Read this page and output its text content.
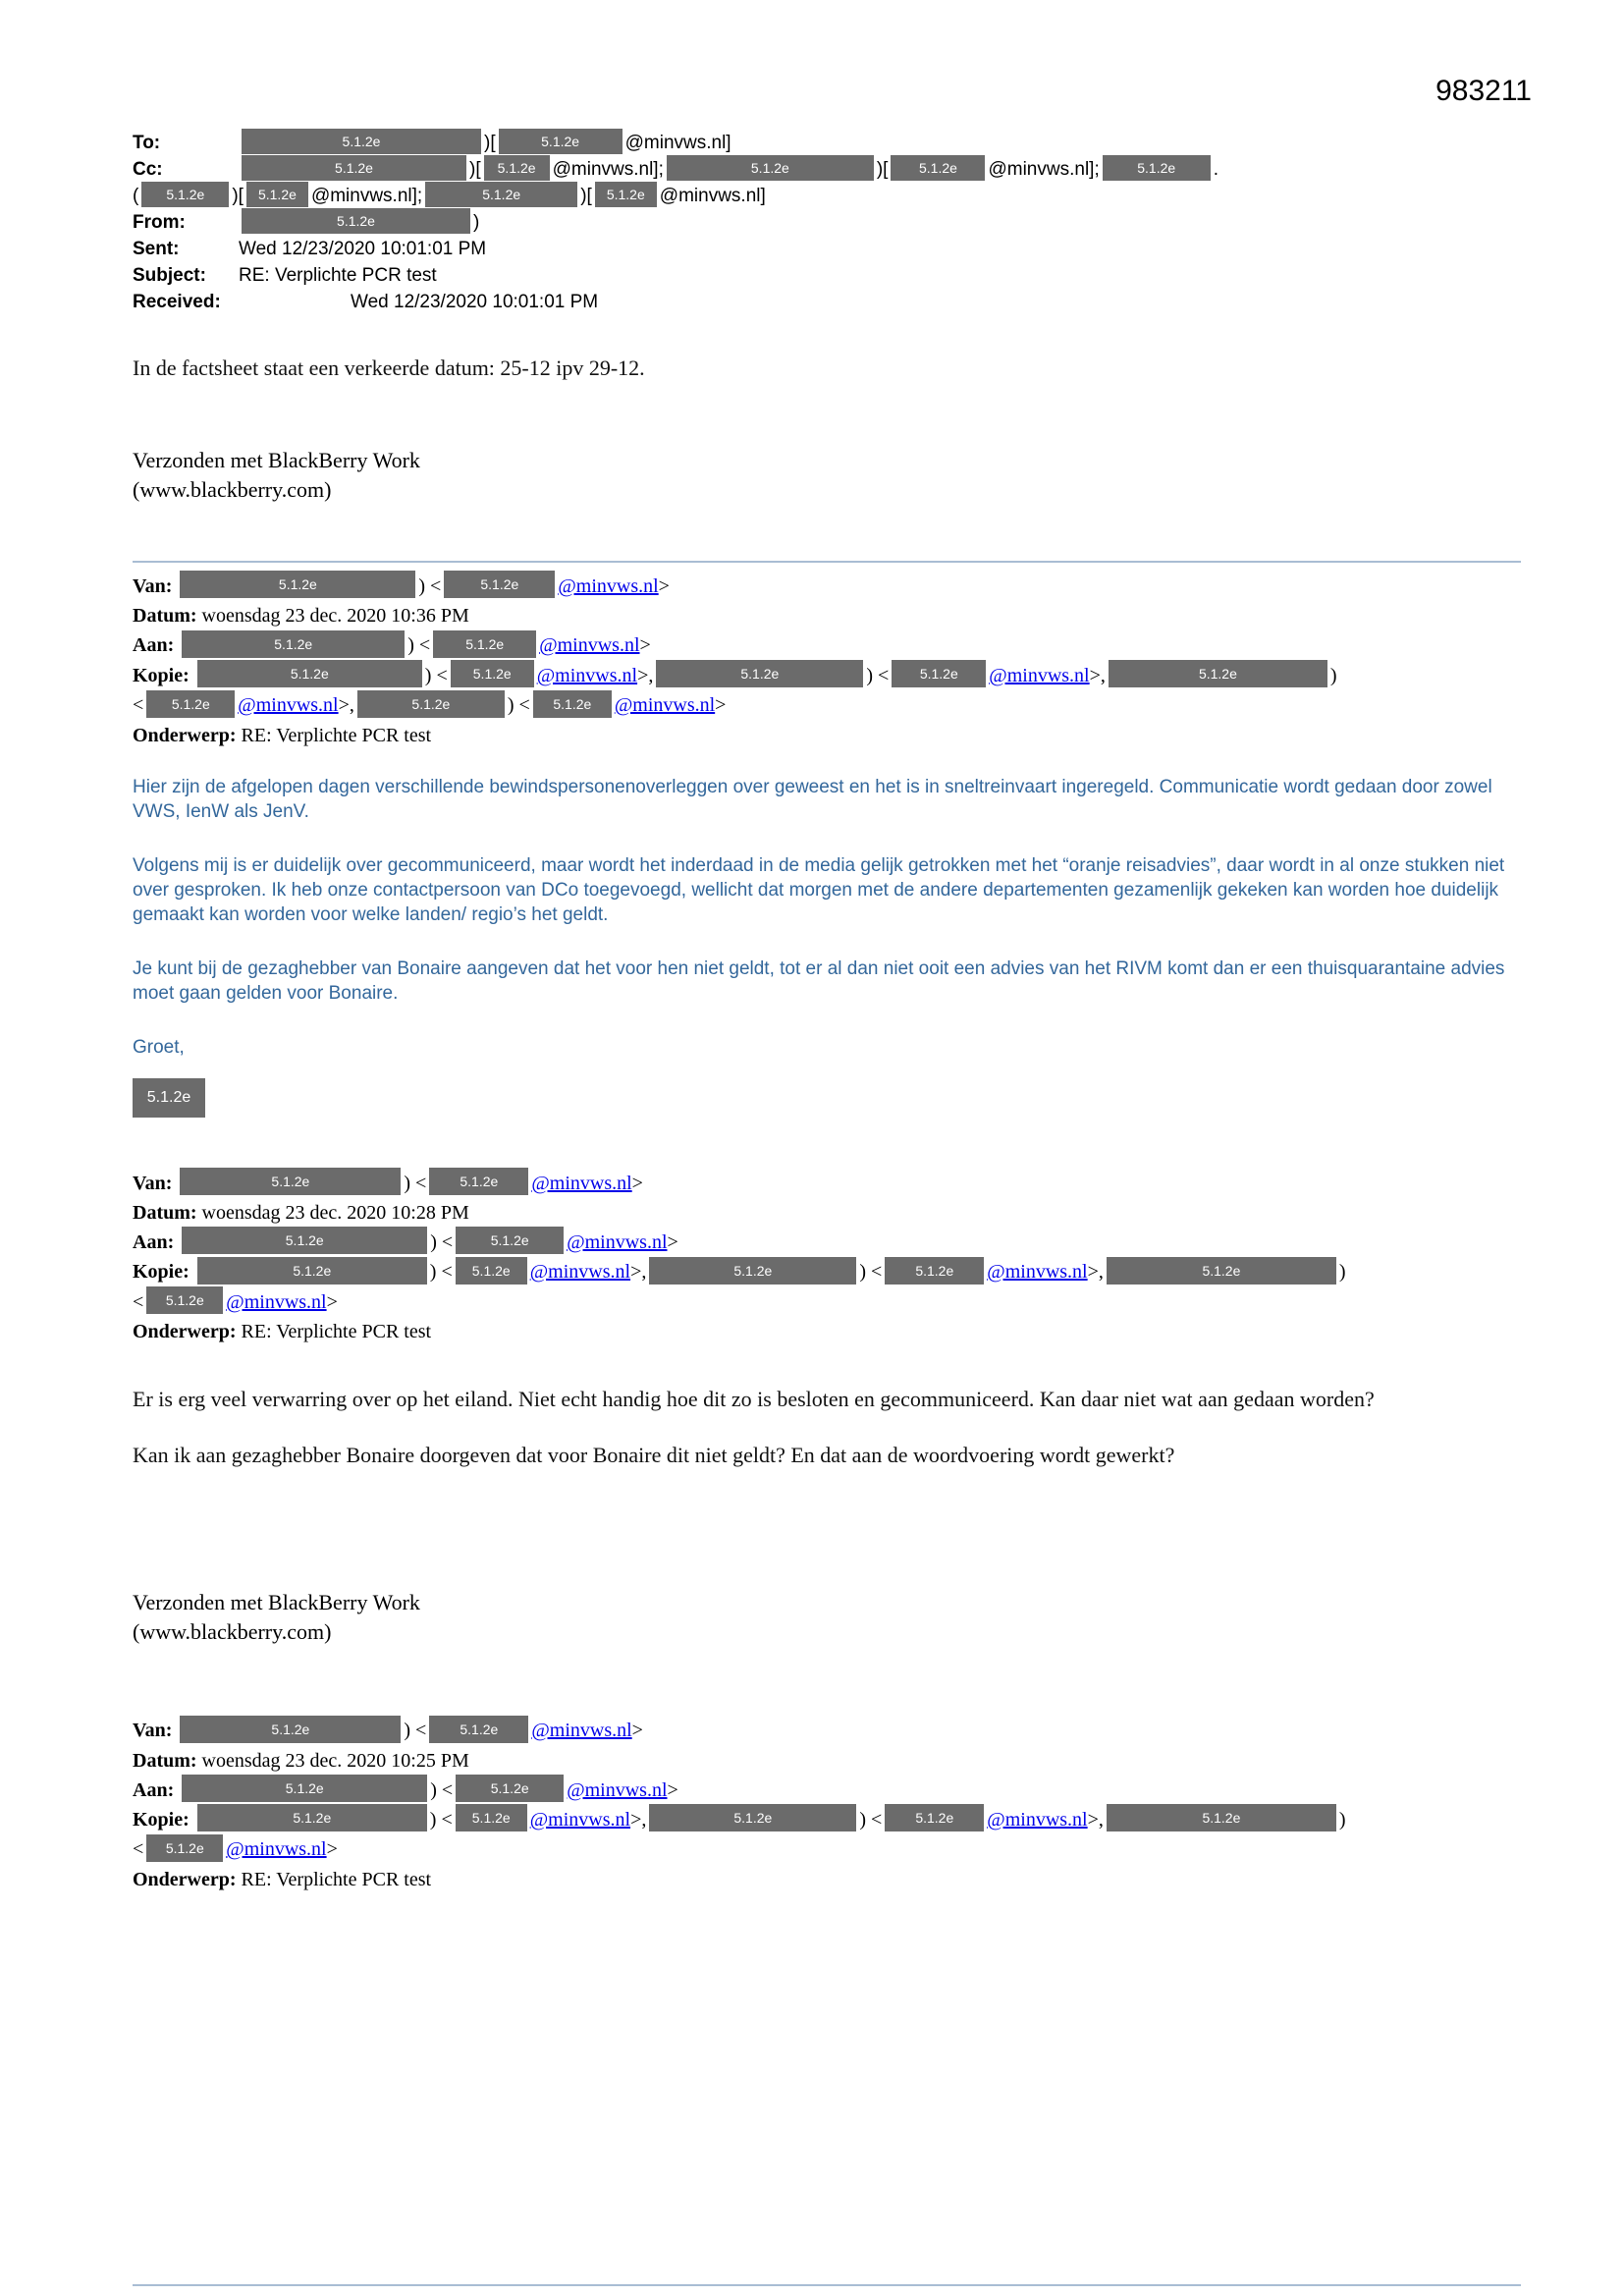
983211
To:	5.1.2e	)[	5.1.2e @minvws.nl]
Cc:	5.1.2e	)[ 5.1.2e @minvws.nl];	5.1.2e	)[ 5.1.2e @minvws.nl];	5.1.2e .
( 5.1.2e )[ 5.1.2e @minvws.nl];	5.1.2e	)[ 5.1.2e @minvws.nl]
From:	5.1.2e	)
Sent:	Wed 12/23/2020 10:01:01 PM
Subject: RE: Verplichte PCR test
Received:	Wed 12/23/2020 10:01:01 PM

In de factsheet staat een verkeerde datum: 25-12 ipv 29-12.

Verzonden met BlackBerry Work
(www.blackberry.com)
Van:	5.1.2e	) <	5.1.2e @minvws.nl>
Datum: woensdag 23 dec. 2020 10:36 PM
Aan:	5.1.2e	) <	5.1.2e @minvws.nl>
Kopie:	5.1.2e	) < 5.1.2e @minvws.nl>,	5.1.2e	) < 5.1.2e @minvws.nl>,	5.1.2e	)
< 5.1.2e @minvws.nl>,	5.1.2e	) < 5.1.2e @minvws.nl>
Onderwerp: RE: Verplichte PCR test

Hier zijn de afgelopen dagen verschillende bewindspersonenoverleggen over geweest en het is in sneltreinvaart ingeregeld. Communicatie wordt gedaan door zowel VWS, IenW als JenV.

Volgens mij is er duidelijk over gecommuniceerd, maar wordt het inderdaad in de media gelijk getrokken met het “oranje reisadvies”, daar wordt in al onze stukken niet over gesproken. Ik heb onze contactpersoon van DCo toegevoegd, wellicht dat morgen met de andere departementen gezamenlijk gekeken kan worden hoe duidelijk gemaakt kan worden voor welke landen/ regio’s het geldt.

Je kunt bij de gezaghebber van Bonaire aangeven dat het voor hen niet geldt, tot er al dan niet ooit een advies van het RIVM komt dan er een thuisquarantaine advies moet gaan gelden voor Bonaire.

Groet,
5.1.2e
Van:	5.1.2e	) < 5.1.2e @minvws.nl>
Datum: woensdag 23 dec. 2020 10:28 PM
Aan:	5.1.2e	) <	5.1.2e @minvws.nl>
Kopie:	5.1.2e	) < 5.1.2e @minvws.nl>,	5.1.2e	) < 5.1.2e @minvws.nl>,	5.1.2e	)
< 5.1.2e @minvws.nl>
Onderwerp: RE: Verplichte PCR test

Er is erg veel verwarring over op het eiland. Niet echt handig hoe dit zo is besloten en gecommuniceerd. Kan daar niet wat aan gedaan worden?

Kan ik aan gezaghebber Bonaire doorgeven dat voor Bonaire dit niet geldt? En dat aan de woordvoering wordt gewerkt?

Verzonden met BlackBerry Work
(www.blackberry.com)
Van:	5.1.2e	) < 5.1.2e @minvws.nl>
Datum: woensdag 23 dec. 2020 10:25 PM
Aan:	5.1.2e	) <	5.1.2e @minvws.nl>
Kopie:	5.1.2e	) < 5.1.2e @minvws.nl>,	5.1.2e	) < 5.1.2e @minvws.nl>,	5.1.2e	)
< 5.1.2e @minvws.nl>
Onderwerp: RE: Verplichte PCR test
